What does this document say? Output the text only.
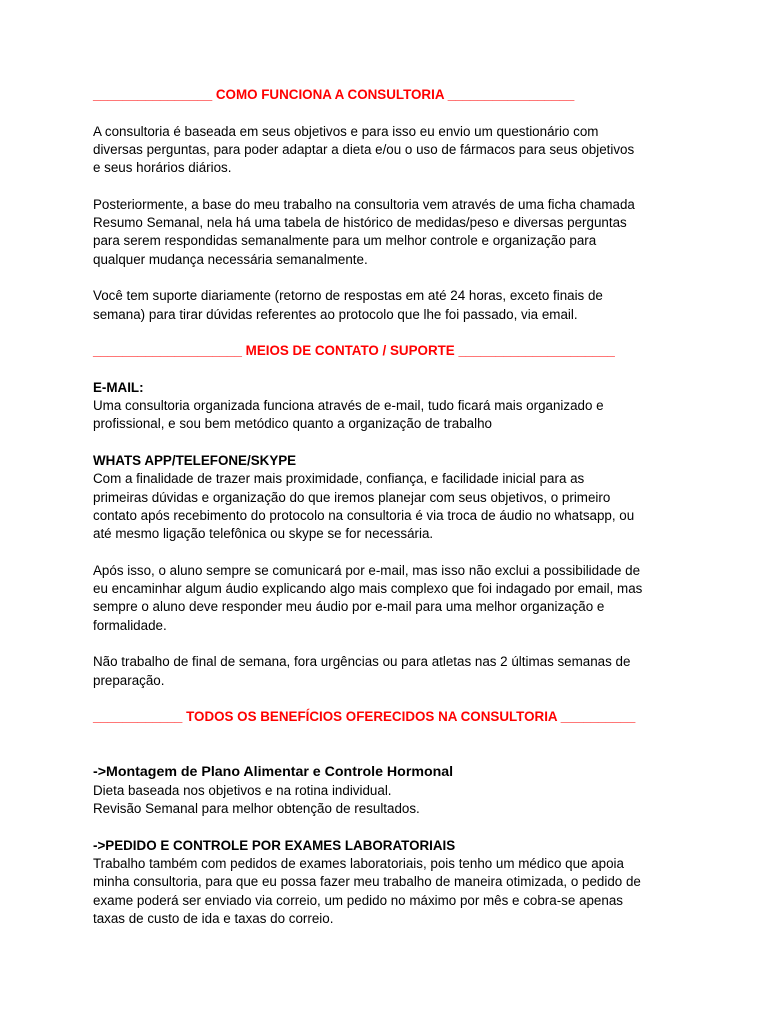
________________ COMO FUNCIONA A CONSULTORIA _________________

A consultoria é baseada em seus objetivos e para isso eu envio um questionário com
diversas perguntas, para poder adaptar a dieta e/ou o uso de fármacos para seus objetivos
e seus horários diários.
Posteriormente, a base do meu trabalho na consultoria vem através de uma ficha chamada
Resumo Semanal, nela há uma tabela de histórico de medidas/peso e diversas perguntas
para serem respondidas semanalmente para um melhor controle e organização para
qualquer mudança necessária semanalmente.
Você tem suporte diariamente (retorno de respostas em até 24 horas, exceto finais de
semana) para tirar dúvidas referentes ao protocolo que lhe foi passado, via email.

____________________ MEIOS DE CONTATO / SUPORTE _____________________

E-MAIL:

Uma consultoria organizada funciona através de e-mail, tudo ficará mais organizado e
profissional, e sou bem metódico quanto a organização de trabalho

WHATS APP/TELEFONE/SKYPE

Com a finalidade de trazer mais proximidade, confiança, e facilidade inicial para as
primeiras dúvidas e organização do que iremos planejar com seus objetivos, o primeiro
contato após recebimento do protocolo na consultoria é via troca de áudio no whatsapp, ou
até mesmo ligação telefônica ou skype se for necessária.
Após isso, o aluno sempre se comunicará por e-mail, mas isso não exclui a possibilidade de
eu encaminhar algum áudio explicando algo mais complexo que foi indagado por email, mas
sempre o aluno deve responder meu áudio por e-mail para uma melhor organização e
formalidade.
Não trabalho de final de semana, fora urgências ou para atletas nas 2 últimas semanas de
preparação.

____________ TODOS OS BENEFÍCIOS OFERECIDOS NA CONSULTORIA __________

->Montagem de Plano Alimentar e Controle Hormonal

Dieta baseada nos objetivos e na rotina individual.
Revisão Semanal para melhor obtenção de resultados.

->PEDIDO E CONTROLE POR EXAMES LABORATORIAIS

Trabalho também com pedidos de exames laboratoriais, pois tenho um médico que apoia
minha consultoria, para que eu possa fazer meu trabalho de maneira otimizada, o pedido de
exame poderá ser enviado via correio, um pedido no máximo por mês e cobra-se apenas
taxas de custo de ida e taxas do correio.
